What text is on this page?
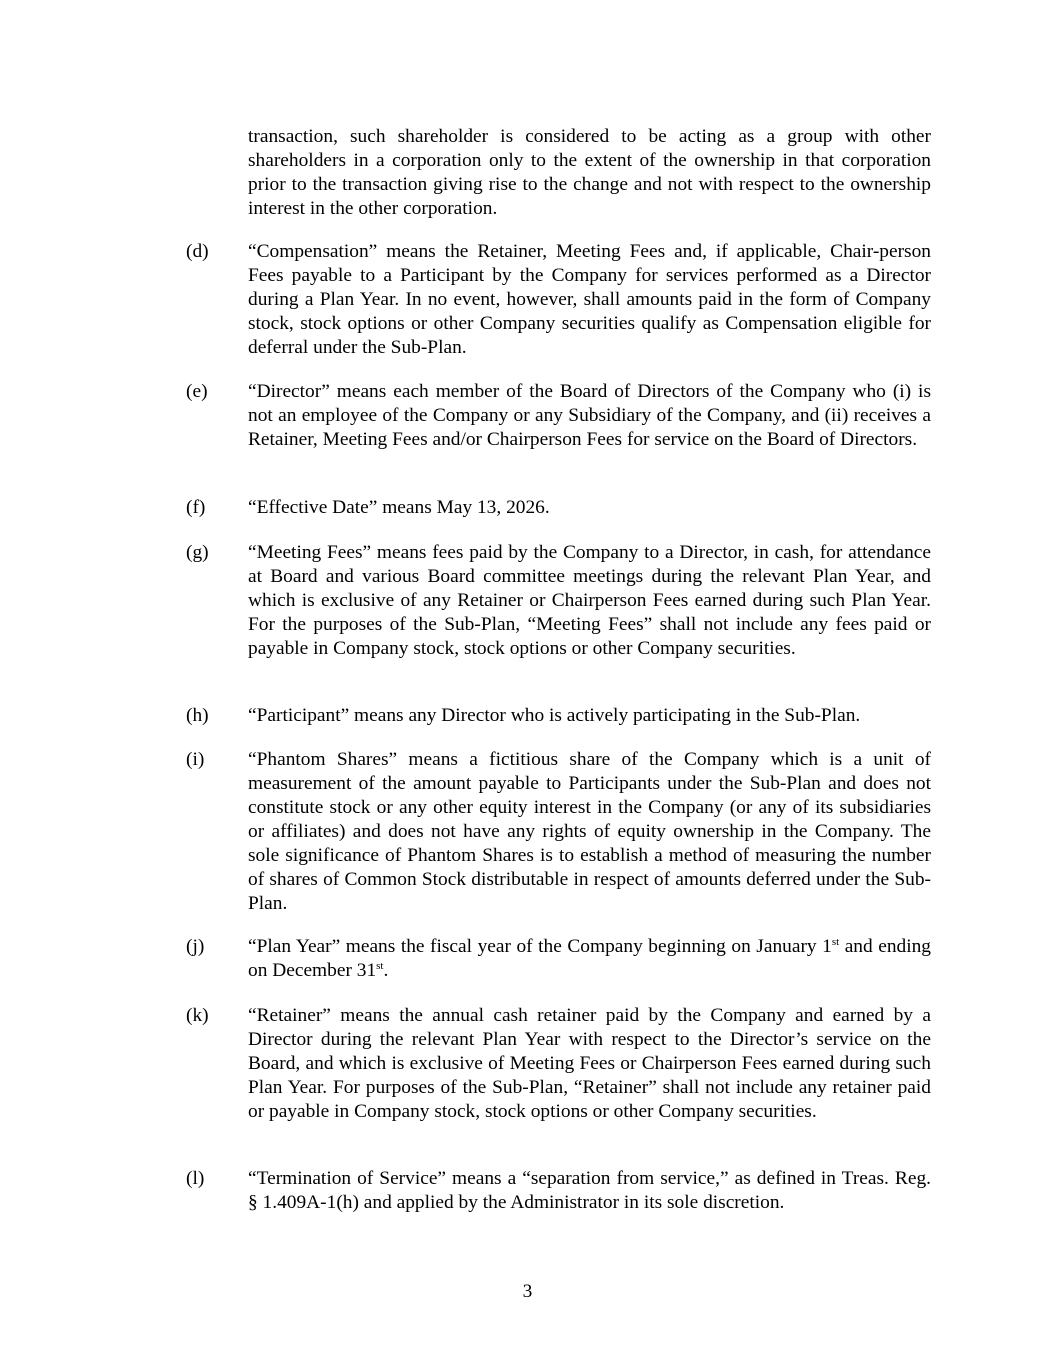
transaction, such shareholder is considered to be acting as a group with other shareholders in a corporation only to the extent of the ownership in that corporation prior to the transaction giving rise to the change and not with respect to the ownership interest in the other corporation.

(d)	“Compensation” means the Retainer, Meeting Fees and, if applicable, Chair-person Fees payable to a Participant by the Company for services performed as a Director during a Plan Year. In no event, however, shall amounts paid in the form of Company stock, stock options or other Company securities qualify as Compensation eligible for deferral under the Sub-Plan.

(e)	“Director” means each member of the Board of Directors of the Company who (i) is not an employee of the Company or any Subsidiary of the Company, and (ii) receives a Retainer, Meeting Fees and/or Chairperson Fees for service on the Board of Directors.

(f)	“Effective Date” means May 13, 2026.

(g)	“Meeting Fees” means fees paid by the Company to a Director, in cash, for attendance at Board and various Board committee meetings during the relevant Plan Year, and which is exclusive of any Retainer or Chairperson Fees earned during such Plan Year. For the purposes of the Sub-Plan, “Meeting Fees” shall not include any fees paid or payable in Company stock, stock options or other Company securities.

(h)	“Participant” means any Director who is actively participating in the Sub-Plan.

(i)	“Phantom Shares” means a fictitious share of the Company which is a unit of measurement of the amount payable to Participants under the Sub-Plan and does not constitute stock or any other equity interest in the Company (or any of its subsidiaries or affiliates) and does not have any rights of equity ownership in the Company. The sole significance of Phantom Shares is to establish a method of measuring the number of shares of Common Stock distributable in respect of amounts deferred under the Sub-Plan.

(j)	“Plan Year” means the fiscal year of the Company beginning on January 1st and ending on December 31st.

(k)	“Retainer” means the annual cash retainer paid by the Company and earned by a Director during the relevant Plan Year with respect to the Director’s service on the Board, and which is exclusive of Meeting Fees or Chairperson Fees earned during such Plan Year. For purposes of the Sub-Plan, “Retainer” shall not include any retainer paid or payable in Company stock, stock options or other Company securities.

(l)	“Termination of Service” means a “separation from service,” as defined in Treas. Reg. § 1.409A-1(h) and applied by the Administrator in its sole discretion.

3
